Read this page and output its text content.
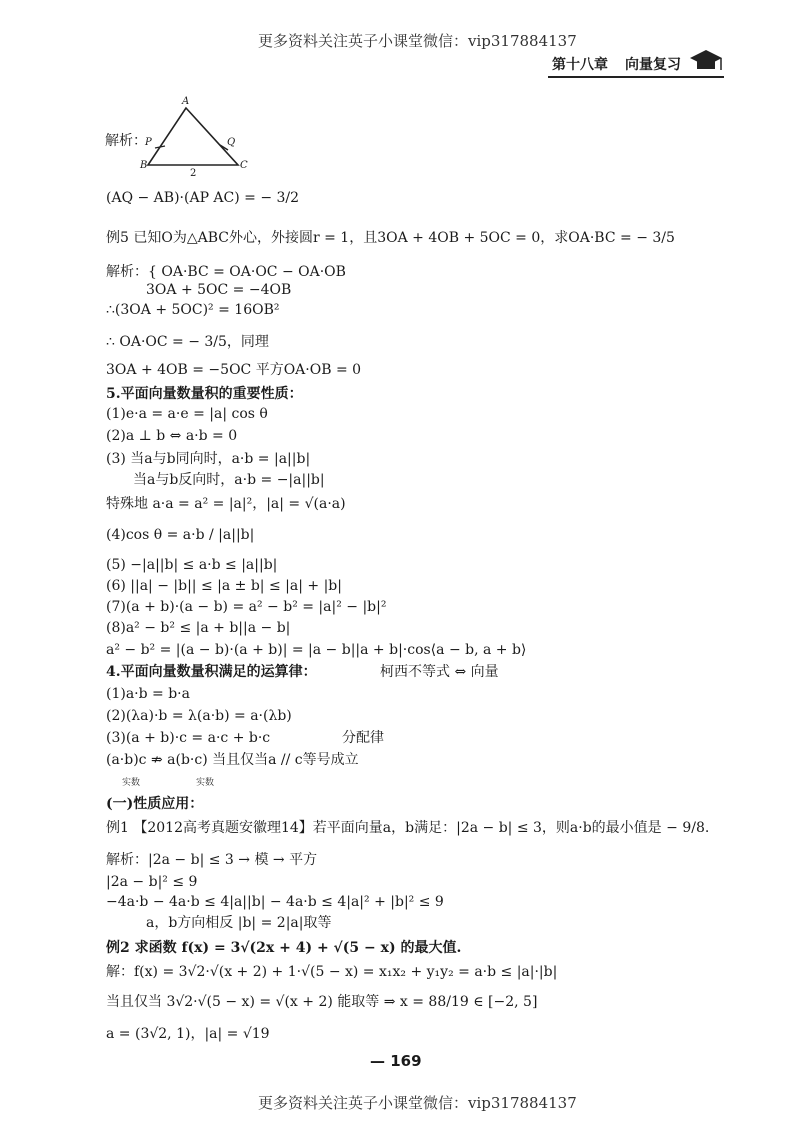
更多资料关注英子小课堂微信：vip317884137
第十八章 向量复习
解析：
A
B	C
P	Q
2
(AQ − AB)·(AP AC) = − 3/2
例5 已知O为△ABC外心，外接圆r = 1，且3OA + 4OB + 5OC = 0，求OA·BC = − 3/5
解析：{ OA·BC = OA·OC − OA·OB
3OA + 5OC = −4OB
∴(3OA + 5OC)² = 16OB²
∴ OA·OC = − 3/5，同理
3OA + 4OB = −5OC 平方OA·OB = 0
5.平面向量数量积的重要性质：
(1)e·a = a·e = |a| cos θ
(2)a ⊥ b ⇔ a·b = 0
(3) 当a与b同向时，a·b = |a||b|
当a与b反向时，a·b = −|a||b|
特殊地 a·a = a² = |a|²，|a| = √(a·a)
(4)cos θ = a·b / |a||b|
(5) −|a||b| ≤ a·b ≤ |a||b|
(6) ||a| − |b|| ≤ |a ± b| ≤ |a| + |b|
(7)(a + b)·(a − b) = a² − b² = |a|² − |b|²
(8)a² − b² ≤ |a + b||a − b|
a² − b² = |(a − b)·(a + b)| = |a − b||a + b|·cos⟨a − b, a + b⟩
4.平面向量数量积满足的运算律：	柯西不等式 ⇔ 向量
(1)a·b = b·a
(2)(λa)·b = λ(a·b) = a·(λb)
(3)(a + b)·c = a·c + b·c	分配律
(a·b)c ⇏ a(b·c) 当且仅当a // c等号成立
实数	实数
(一)性质应用：
例1 【2012高考真题安徽理14】若平面向量a，b满足：|2a − b| ≤ 3，则a·b的最小值是 − 9/8.
解析：|2a − b| ≤ 3 → 模 → 平方
|2a − b|² ≤ 9
−4a·b − 4a·b ≤ 4|a||b| − 4a·b ≤ 4|a|² + |b|² ≤ 9
a，b方向相反 |b| = 2|a|取等
例2 求函数 f(x) = 3√(2x + 4) + √(5 − x) 的最大值.
解：f(x) = 3√2·√(x + 2) + 1·√(5 − x) = x₁x₂ + y₁y₂ = a·b ≤ |a|·|b|
当且仅当 3√2·√(5 − x) = √(x + 2) 能取等 ⇒ x = 88/19 ∈ [−2, 5]
a = (3√2, 1)，|a| = √19
— 169
更多资料关注英子小课堂微信：vip317884137
